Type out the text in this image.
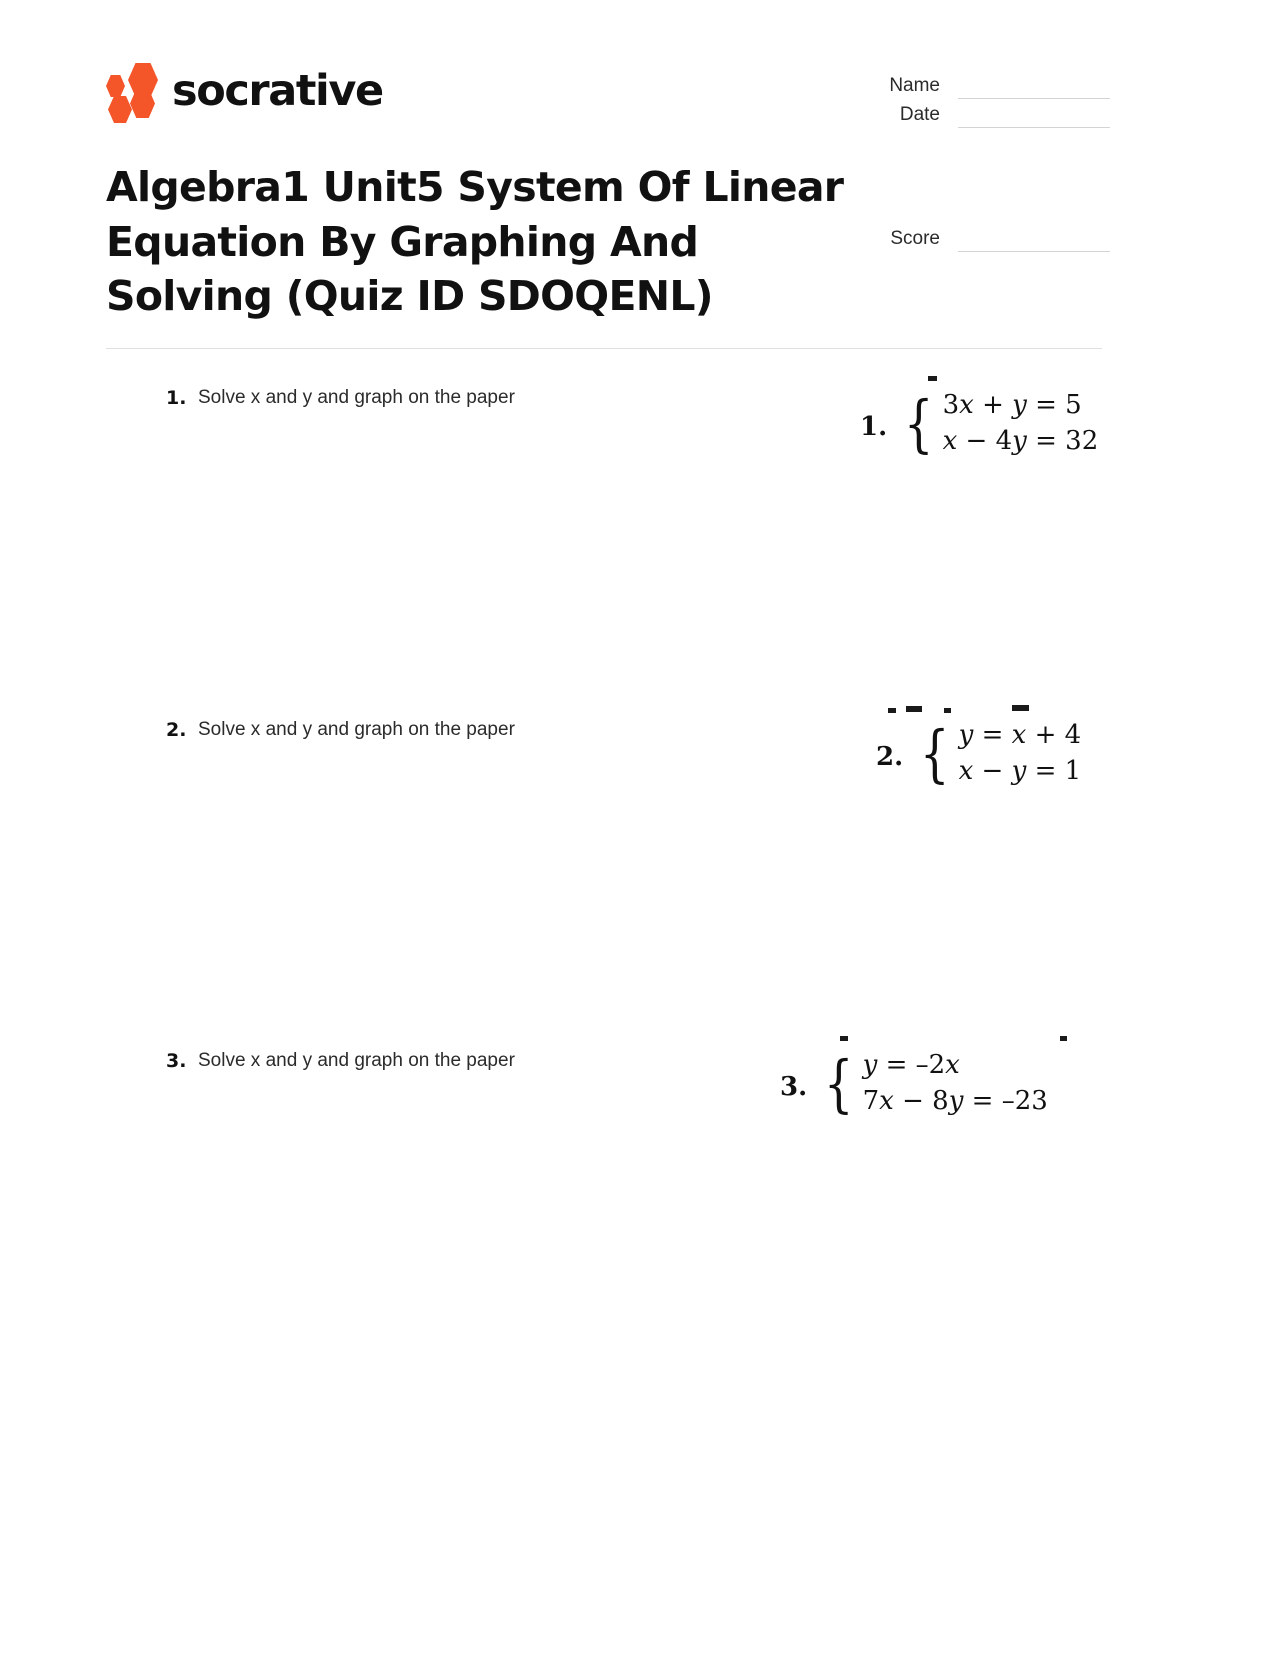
socrative	Name
Date
Score
Algebra1 Unit5 System Of Linear Equation By Graphing And Solving (Quiz ID SDOQENL)
1. Solve x and y and graph on the paper
1. { 3x + y = 5
x − 4y = 32
2. Solve x and y and graph on the paper
2. { y = x + 4
x − y = 1
3. Solve x and y and graph on the paper
3. { y = –2x
7x − 8y = –23
